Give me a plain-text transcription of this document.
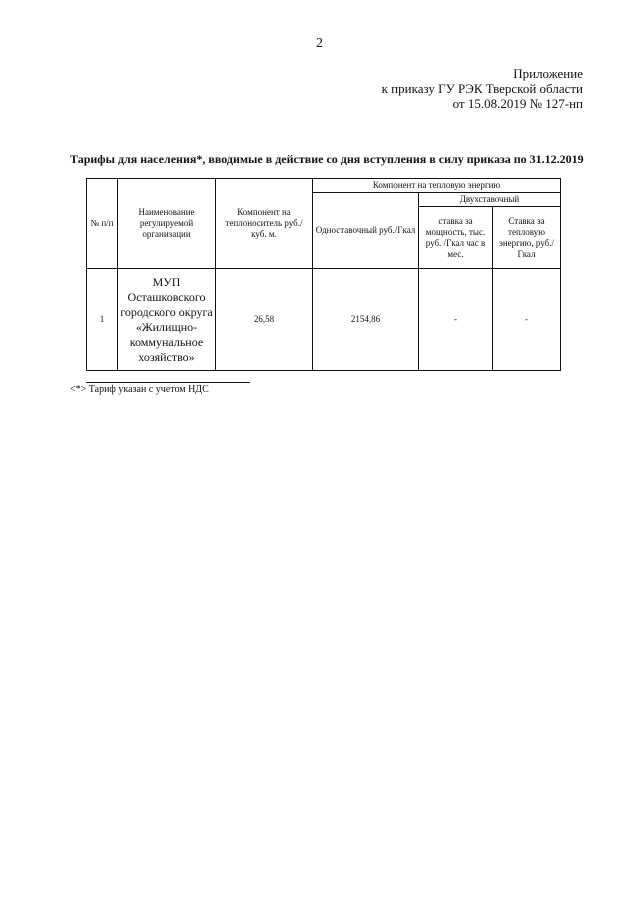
2
Приложение
к приказу ГУ РЭК Тверской области
от 15.08.2019 № 127-нп
Тарифы для населения*, вводимые в действие со дня вступления в силу приказа по 31.12.2019
№ п/п	Наименование регулируемой организации	Компонент на теплоноситель руб./куб. м.	Компонент на тепловую энергию		
			Одноставочный руб./Гкал	Двухставочный	
				ставка за мощность, тыс. руб. /Гкал час в мес.	Ставка за тепловую энергию, руб./Гкал
1	МУП Осташковского городского округа «Жилищно-коммунальное хозяйство»	26,58	2154,86	-	-
<*> Тариф указан с учетом НДС
